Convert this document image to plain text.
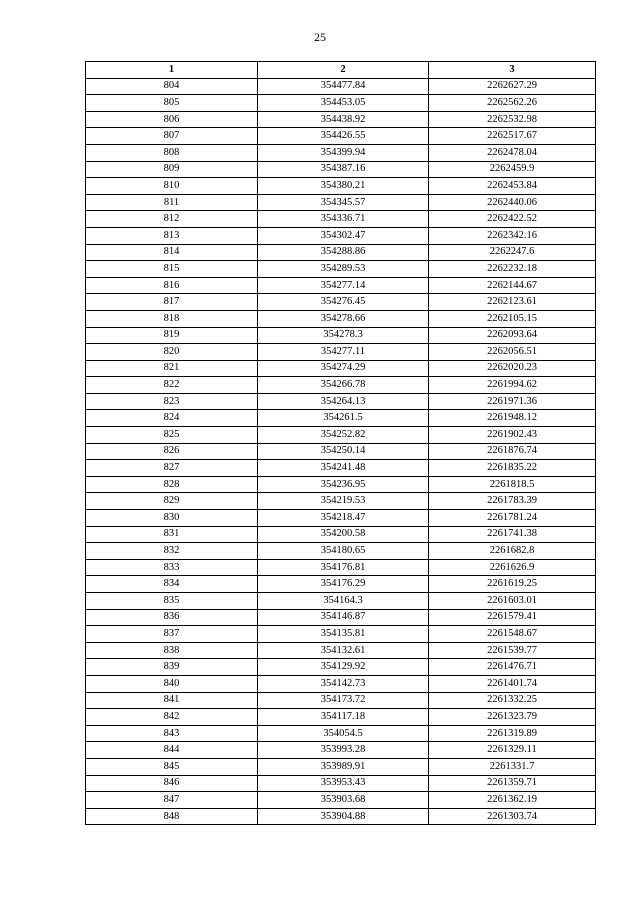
25
1	2	3
804	354477.84	2262627.29
805	354453.05	2262562.26
806	354438.92	2262532.98
807	354426.55	2262517.67
808	354399.94	2262478.04
809	354387.16	2262459.9
810	354380.21	2262453.84
811	354345.57	2262440.06
812	354336.71	2262422.52
813	354302.47	2262342.16
814	354288.86	2262247.6
815	354289.53	2262232.18
816	354277.14	2262144.67
817	354276.45	2262123.61
818	354278.66	2262105.15
819	354278.3	2262093.64
820	354277.11	2262056.51
821	354274.29	2262020.23
822	354266.78	2261994.62
823	354264.13	2261971.36
824	354261.5	2261948.12
825	354252.82	2261902.43
826	354250.14	2261876.74
827	354241.48	2261835.22
828	354236.95	2261818.5
829	354219.53	2261783.39
830	354218.47	2261781.24
831	354200.58	2261741.38
832	354180.65	2261682.8
833	354176.81	2261626.9
834	354176.29	2261619.25
835	354164.3	2261603.01
836	354146.87	2261579.41
837	354135.81	2261548.67
838	354132.61	2261539.77
839	354129.92	2261476.71
840	354142.73	2261401.74
841	354173.72	2261332.25
842	354117.18	2261323.79
843	354054.5	2261319.89
844	353993.28	2261329.11
845	353989.91	2261331.7
846	353953.43	2261359.71
847	353903.68	2261362.19
848	353904.88	2261303.74
